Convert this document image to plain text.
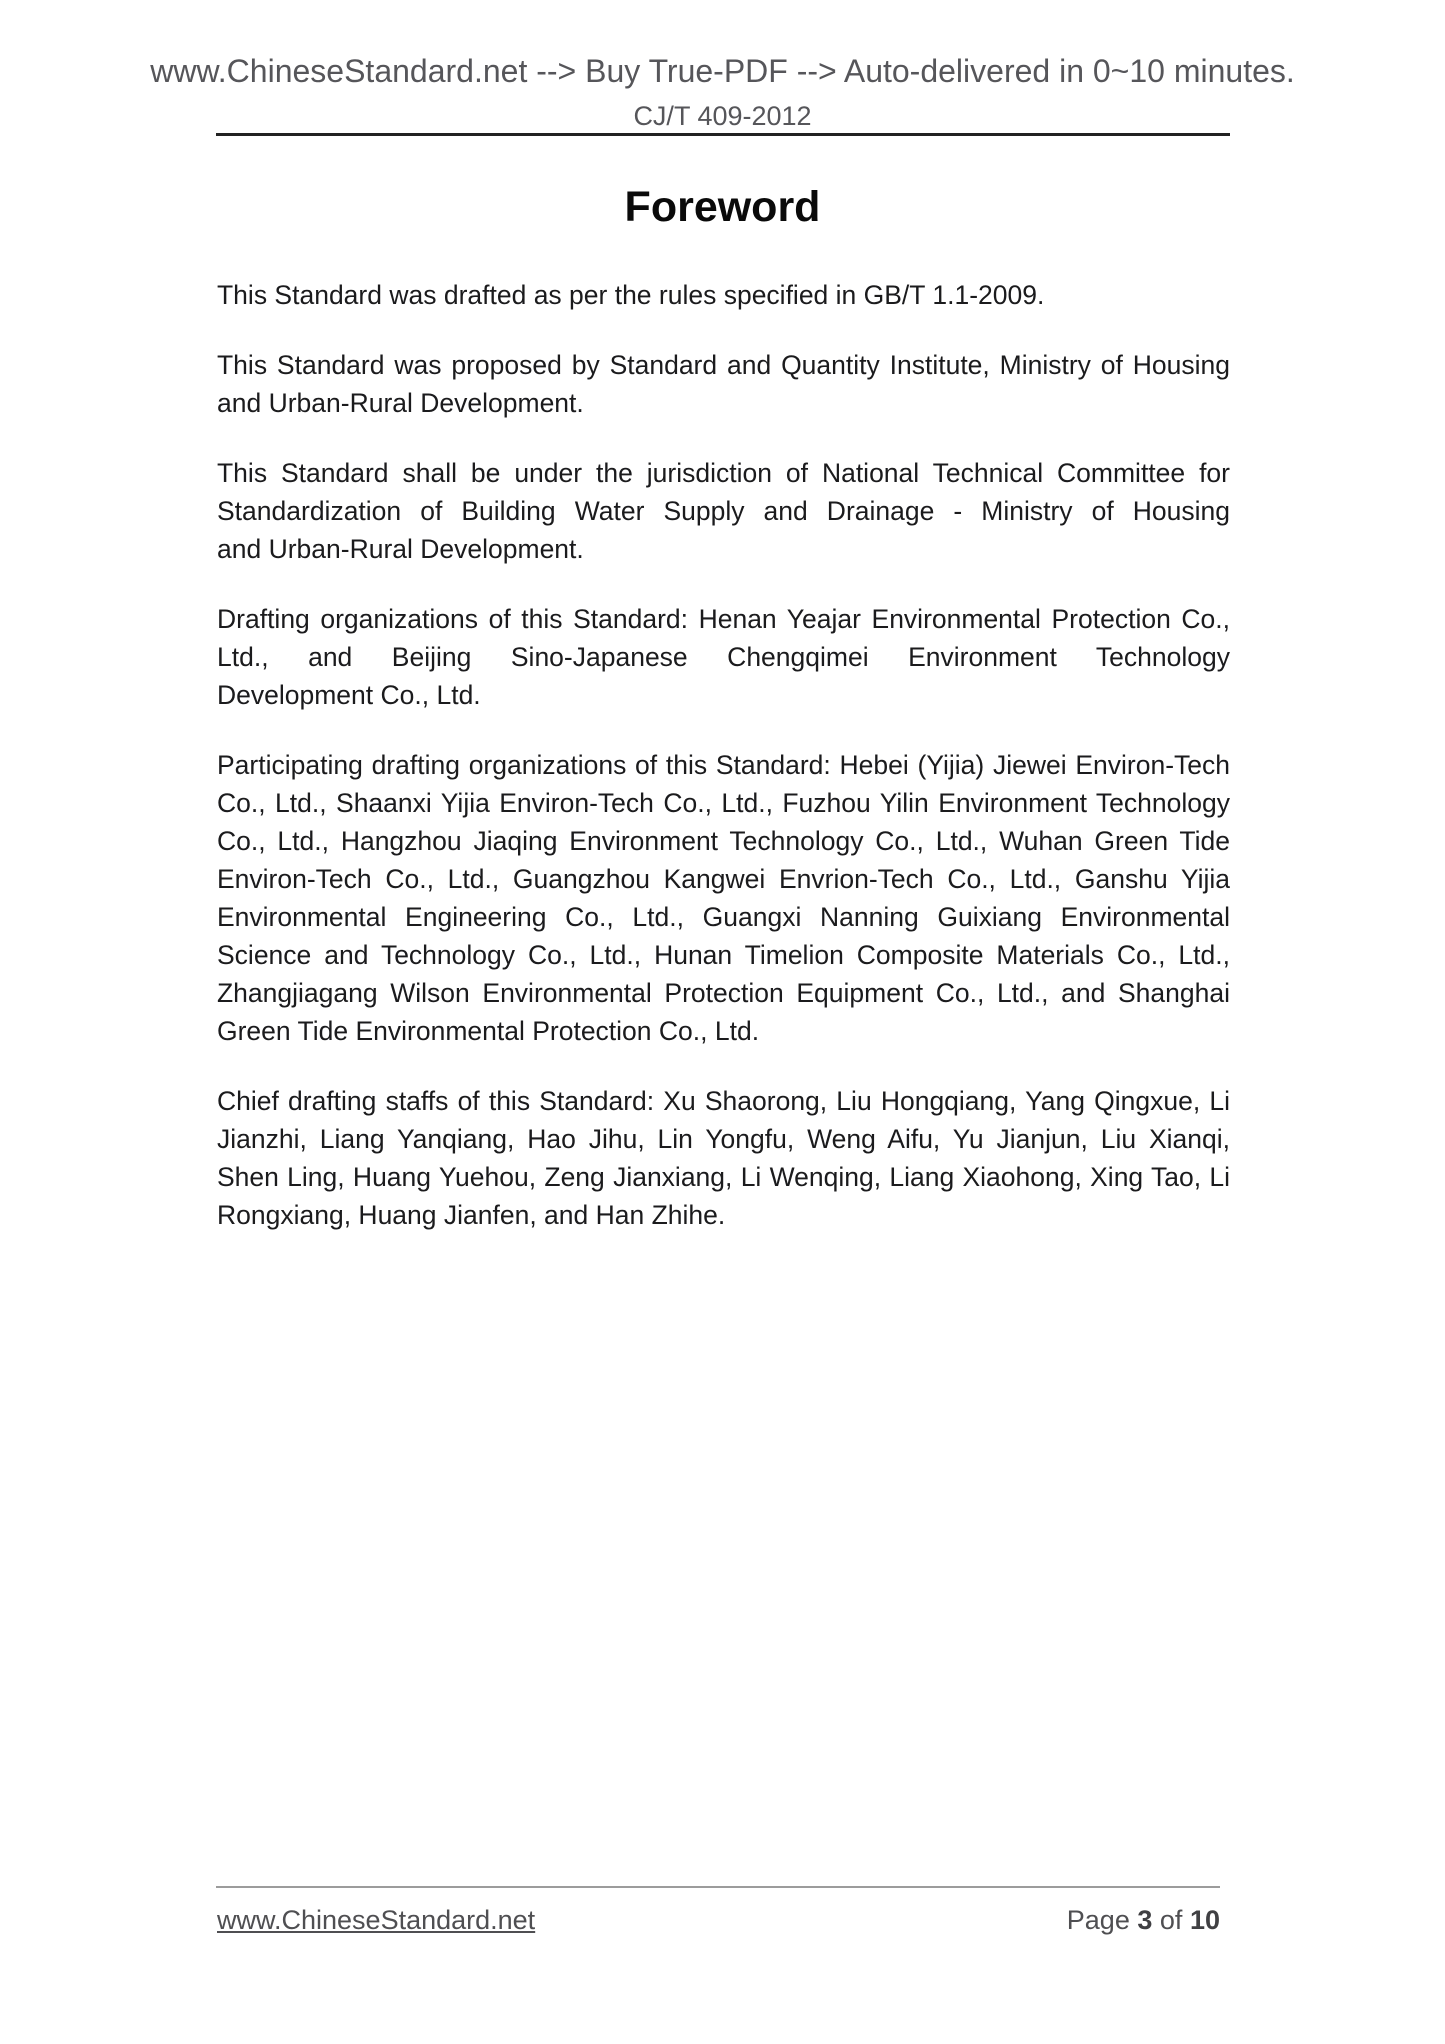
www.ChineseStandard.net --> Buy True-PDF --> Auto-delivered in 0~10 minutes.
CJ/T 409-2012
Foreword
This Standard was drafted as per the rules specified in GB/T 1.1-2009.
This Standard was proposed by Standard and Quantity Institute, Ministry of Housing
and Urban-Rural Development.
This Standard shall be under the jurisdiction of National Technical Committee for
Standardization of Building Water Supply and Drainage - Ministry of Housing
and Urban-Rural Development.
Drafting organizations of this Standard: Henan Yeajar Environmental Protection Co.,
Ltd., and Beijing Sino-Japanese Chengqimei Environment Technology
Development Co., Ltd.
Participating drafting organizations of this Standard: Hebei (Yijia) Jiewei Environ-Tech
Co., Ltd., Shaanxi Yijia Environ-Tech Co., Ltd., Fuzhou Yilin Environment Technology
Co., Ltd., Hangzhou Jiaqing Environment Technology Co., Ltd., Wuhan Green Tide
Environ-Tech Co., Ltd., Guangzhou Kangwei Envrion-Tech Co., Ltd., Ganshu Yijia
Environmental Engineering Co., Ltd., Guangxi Nanning Guixiang Environmental
Science and Technology Co., Ltd., Hunan Timelion Composite Materials Co., Ltd.,
Zhangjiagang Wilson Environmental Protection Equipment Co., Ltd., and Shanghai
Green Tide Environmental Protection Co., Ltd.
Chief drafting staffs of this Standard: Xu Shaorong, Liu Hongqiang, Yang Qingxue, Li
Jianzhi, Liang Yanqiang, Hao Jihu, Lin Yongfu, Weng Aifu, Yu Jianjun, Liu Xianqi,
Shen Ling, Huang Yuehou, Zeng Jianxiang, Li Wenqing, Liang Xiaohong, Xing Tao, Li
Rongxiang, Huang Jianfen, and Han Zhihe.
www.ChineseStandard.net	Page 3 of 10
